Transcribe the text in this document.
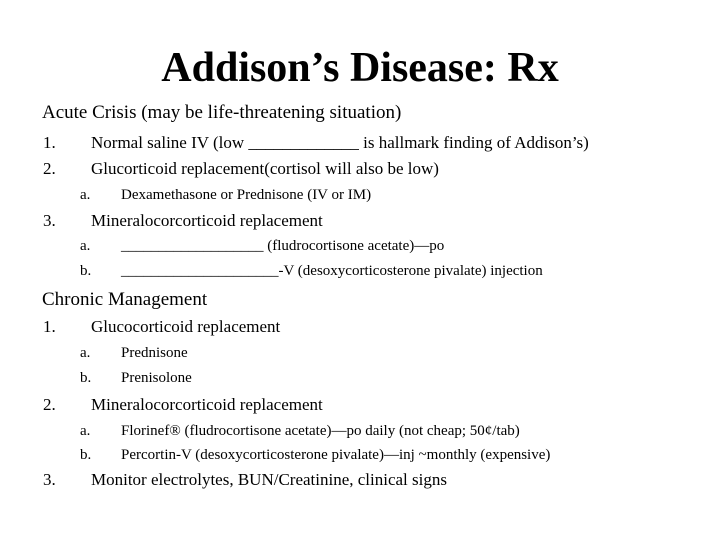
Addison’s Disease: Rx
Acute Crisis (may be life-threatening situation)
1. Normal saline IV (low _____________ is hallmark finding of Addison’s)
2. Glucorticoid replacement(cortisol will also be low)
a. Dexamethasone or Prednisone (IV or IM)
3. Mineralocorcorticoid replacement
a. ___________________ (fludrocortisone acetate)—po
b. _____________________-V (desoxycorticosterone pivalate) injection
Chronic Management
1. Glucocorticoid replacement
a. Prednisone
b. Prenisolone
2. Mineralocorcorticoid replacement
a. Florinef® (fludrocortisone acetate)—po daily (not cheap; 50¢/tab)
b. Percortin-V (desoxycorticosterone pivalate)—inj ~monthly (expensive)
3. Monitor electrolytes, BUN/Creatinine, clinical signs
